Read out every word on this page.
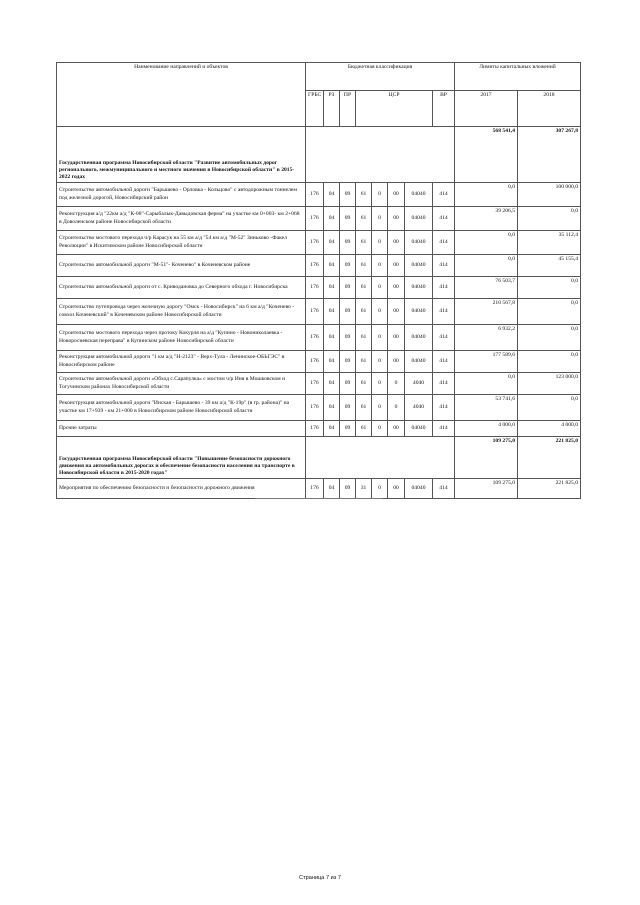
Наименование направлений и объектов	Бюджетная классификация								Лимиты капитальных вложений	
	ГРБС	РЗ	ПР	ЦСР				ВР	2017	2018
Государственная программа Новосибирской области "Развитие автомобильных дорог регионального, межмуниципального и местного значения в Новосибирской области" в 2015-2022 годах									568 541,4	307 267,8
Строительство автомобильной дороги "Барышево - Орловка - Кольцово" с автодорожным тоннелем под железной дорогой, Новосибирский район	176	04	09	61	0	00	04040	414	0,0	100 000,0
Реконструкция а/д "22км а/д "К-08"-Сарыбалык-Давыдовская ферма" на участке км 0+003- км 2+068 в Доволенском районе Новосибирской области	176	04	09	61	0	00	04040	414	39 206,5	0,0
Строительство мостового перехода ч/р Карасук на 55 км а/д "54 км а/д "М-52" Зиньково -Факел Революции" в Искитимском районе Новосибирской области	176	04	09	61	0	00	04040	414	0,0	35 112,4
Строительство автомобильной дороги "М-51"- Коченево" в Коченевском районе	176	04	09	61	0	00	04040	414	0,0	45 155,4
Строительство автомобильной дороги от с. Криводановка до Северного обхода г. Новосибирска	176	04	09	61	0	00	04040	414	76 503,7	0,0
Строительство путепровода через железную дорогу "Омск - Новосибирск" на 6 км а/д "Коченево - совхоз Коченевский" в Коченевском районе Новосибирской области	176	04	09	61	0	00	04040	414	210 567,8	0,0
Строительство мостового перехода через протоку Кокурля на а/д "Купино - Новониколаевка - Новоросиевская переправа" в Купинском районе Новосибирской области	176	04	09	61	0	00	04040	414	6 932,2	0,0
Реконструкция автомобильной дороги "1 км а/д "Н-2123" - Верх-Тула - Ленинское-ОБЬГЭС" в Новосибирском районе	176	04	09	61	0	00	04040	414	177 589,6	0,0
Строительство автомобильной дороги «Обход с.Сарапулка» с мостом ч/р Иня в Мошковском и Тогучинском районах Новосибирской области	176	04	09	61	0	0	4040	414	0,0	123 000,0
Реконструкция автомобильной дороги "Инская - Барышево - 39 км а/д "К-19р" (в гр. района)" на участке км 17+939 - км 21+000 в Новосибирском районе Новосибирской области	176	04	09	61	0	0	4040	414	53 741,6	0,0
Прочие затраты	176	04	09	61	0	00	04040	414	4 000,0	4 000,0
Государственная программа Новосибирской области "Повышение безопасности дорожного движения на автомобильных дорогах и обеспечение безопасности населения на транспорте в Новосибирской области в 2015-2020 годах"									109 275,0	221 825,0
Мероприятия по обеспечению безопасности и безопасности дорожного движения	176	04	09	31	0	00	04040	414	109 275,0	221 825,0
Страница 7 из 7
